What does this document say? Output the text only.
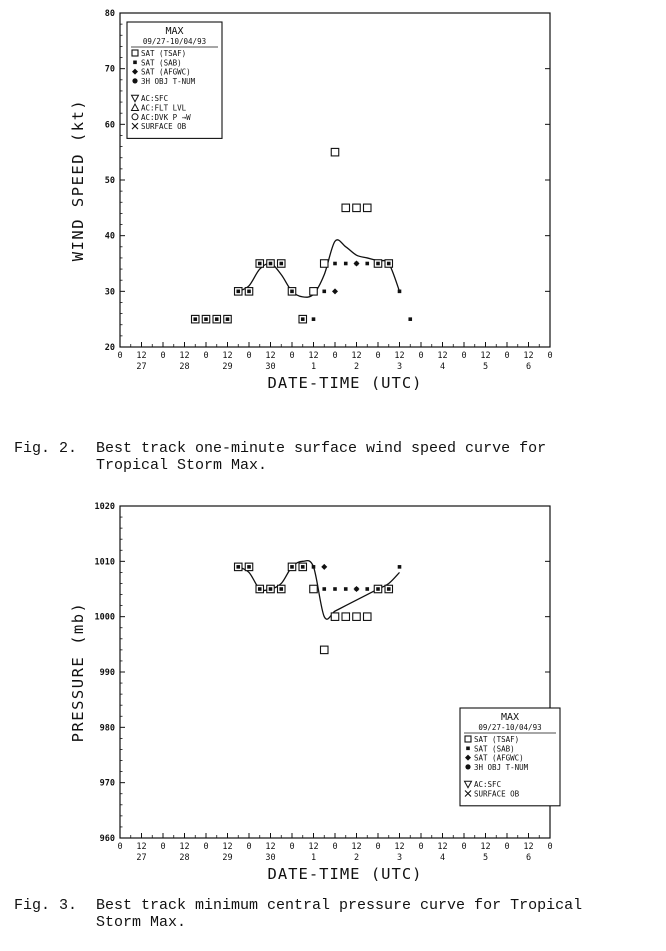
20
30
40
50
60
70
80
0 12 0 12 0 12 0 12 0 12 0 12 0 12 0 12 0 12 0 12 0
27	28	29	30	1	2	3	4	5	6
DATE-TIME (UTC)
WIND SPEED (kt)
MAX
09/27-10/04/93
SAT (TSAF)
SAT (SAB)
SAT (AFGWC)
3H OBJ T-NUM
AC:SFC
AC:FLT LVL
AC:DVK P →W
SURFACE OB
Fig. 2. Best track one-minute surface wind speed curve for
Tropical Storm Max.
960
970
980
990
1000
1010
1020
0 12 0 12 0 12 0 12 0 12 0 12 0 12 0 12 0 12 0 12 0
27	28	29	30	1	2	3	4	5	6
DATE-TIME (UTC)
PRESSURE (mb)	MAX
09/27-10/04/93
SAT (TSAF)
SAT (SAB)
SAT (AFGWC)
3H OBJ T-NUM
AC:SFC
SURFACE OB
Fig. 3. Best track minimum central pressure curve for Tropical
Storm Max.
